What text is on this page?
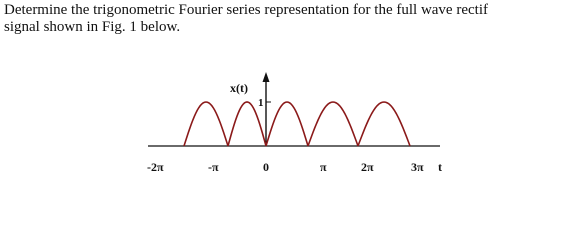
Determine the trigonometric Fourier series representation for the full wave rectif
signal shown in Fig. 1 below.
x(t)
1
-2π	-π	0	π	2π	3π t
